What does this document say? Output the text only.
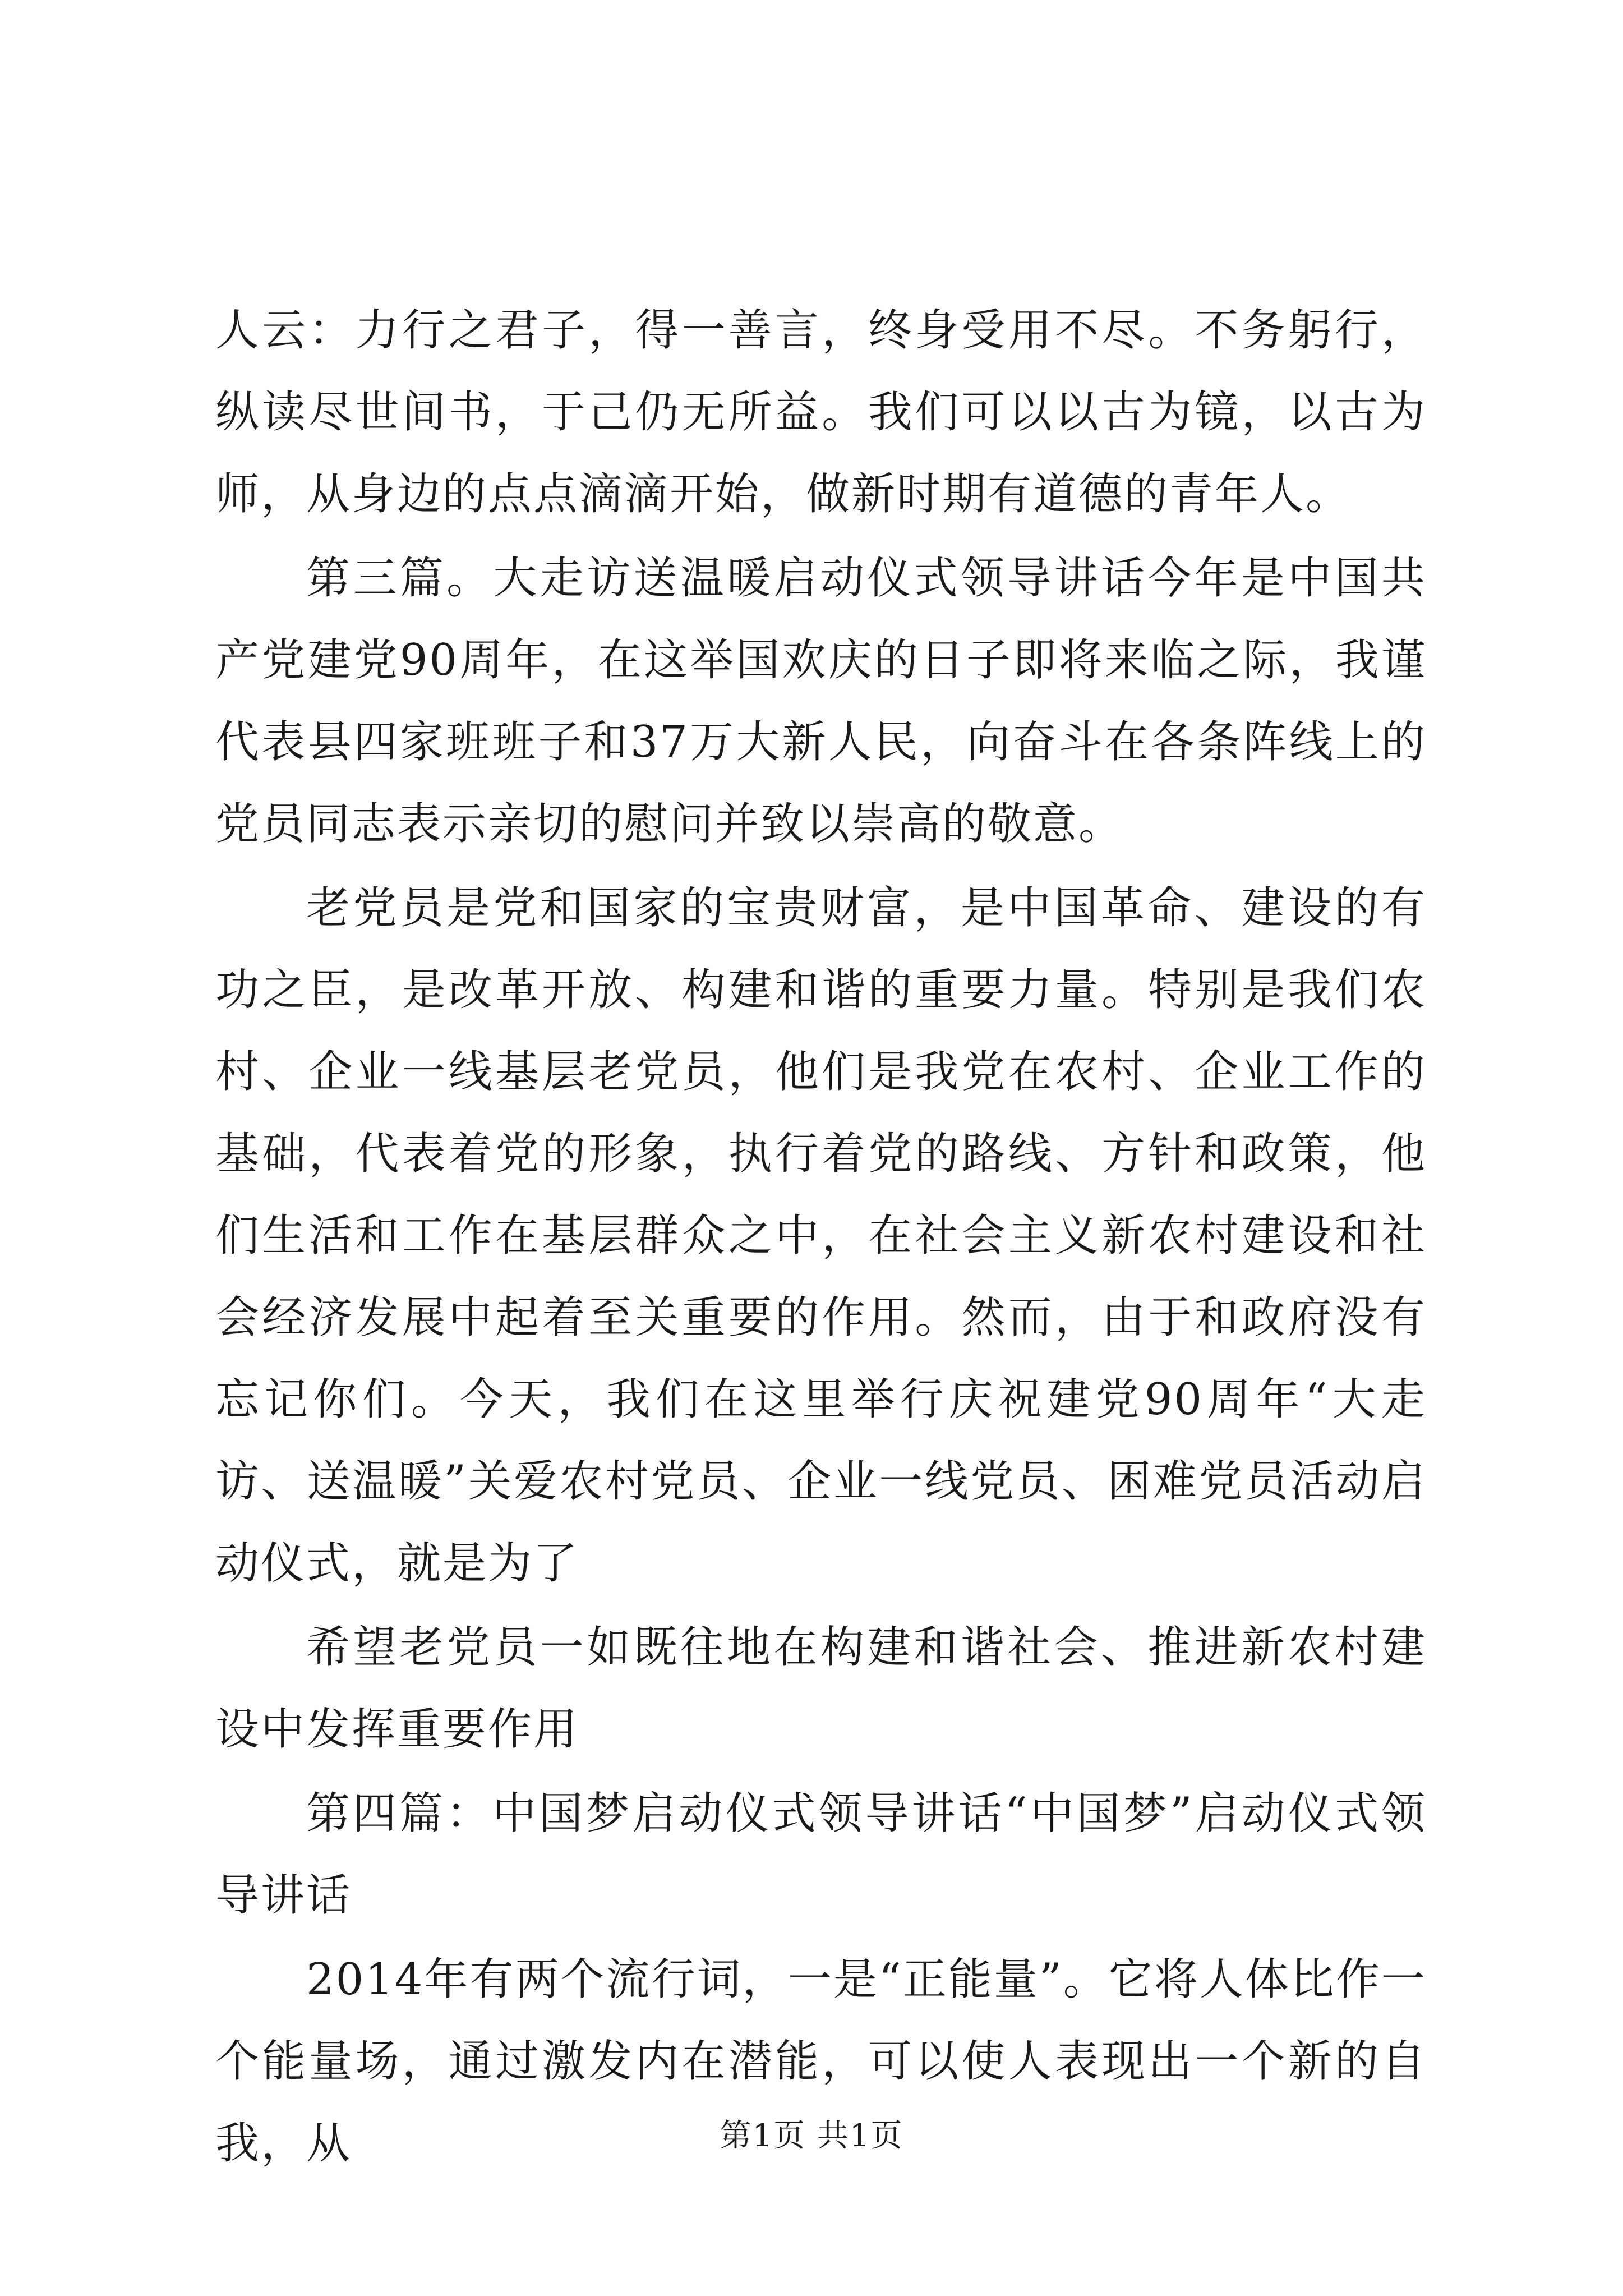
人云：力行之君子，得一善言，终身受用不尽。不务躬行，纵读尽世间书，于己仍无所益。我们可以以古为镜，以古为师，从身边的点点滴滴开始，做新时期有道德的青年人。

第三篇。大走访送温暖启动仪式领导讲话今年是中国共产党建党90周年，在这举国欢庆的日子即将来临之际，我谨代表县四家班班子和37万大新人民，向奋斗在各条阵线上的党员同志表示亲切的慰问并致以崇高的敬意。

老党员是党和国家的宝贵财富，是中国革命、建设的有功之臣，是改革开放、构建和谐的重要力量。特别是我们农村、企业一线基层老党员，他们是我党在农村、企业工作的基础，代表着党的形象，执行着党的路线、方针和政策，他们生活和工作在基层群众之中，在社会主义新农村建设和社会经济发展中起着至关重要的作用。然而，由于和政府没有忘记你们。今天，我们在这里举行庆祝建党90周年“大走访、送温暖”关爱农村党员、企业一线党员、困难党员活动启动仪式，就是为了

希望老党员一如既往地在构建和谐社会、推进新农村建设中发挥重要作用

第四篇：中国梦启动仪式领导讲话“中国梦”启动仪式领导讲话

2014年有两个流行词，一是“正能量”。它将人体比作一个能量场，通过激发内在潜能，可以使人表现出一个新的自我，从	第1页 共1页
